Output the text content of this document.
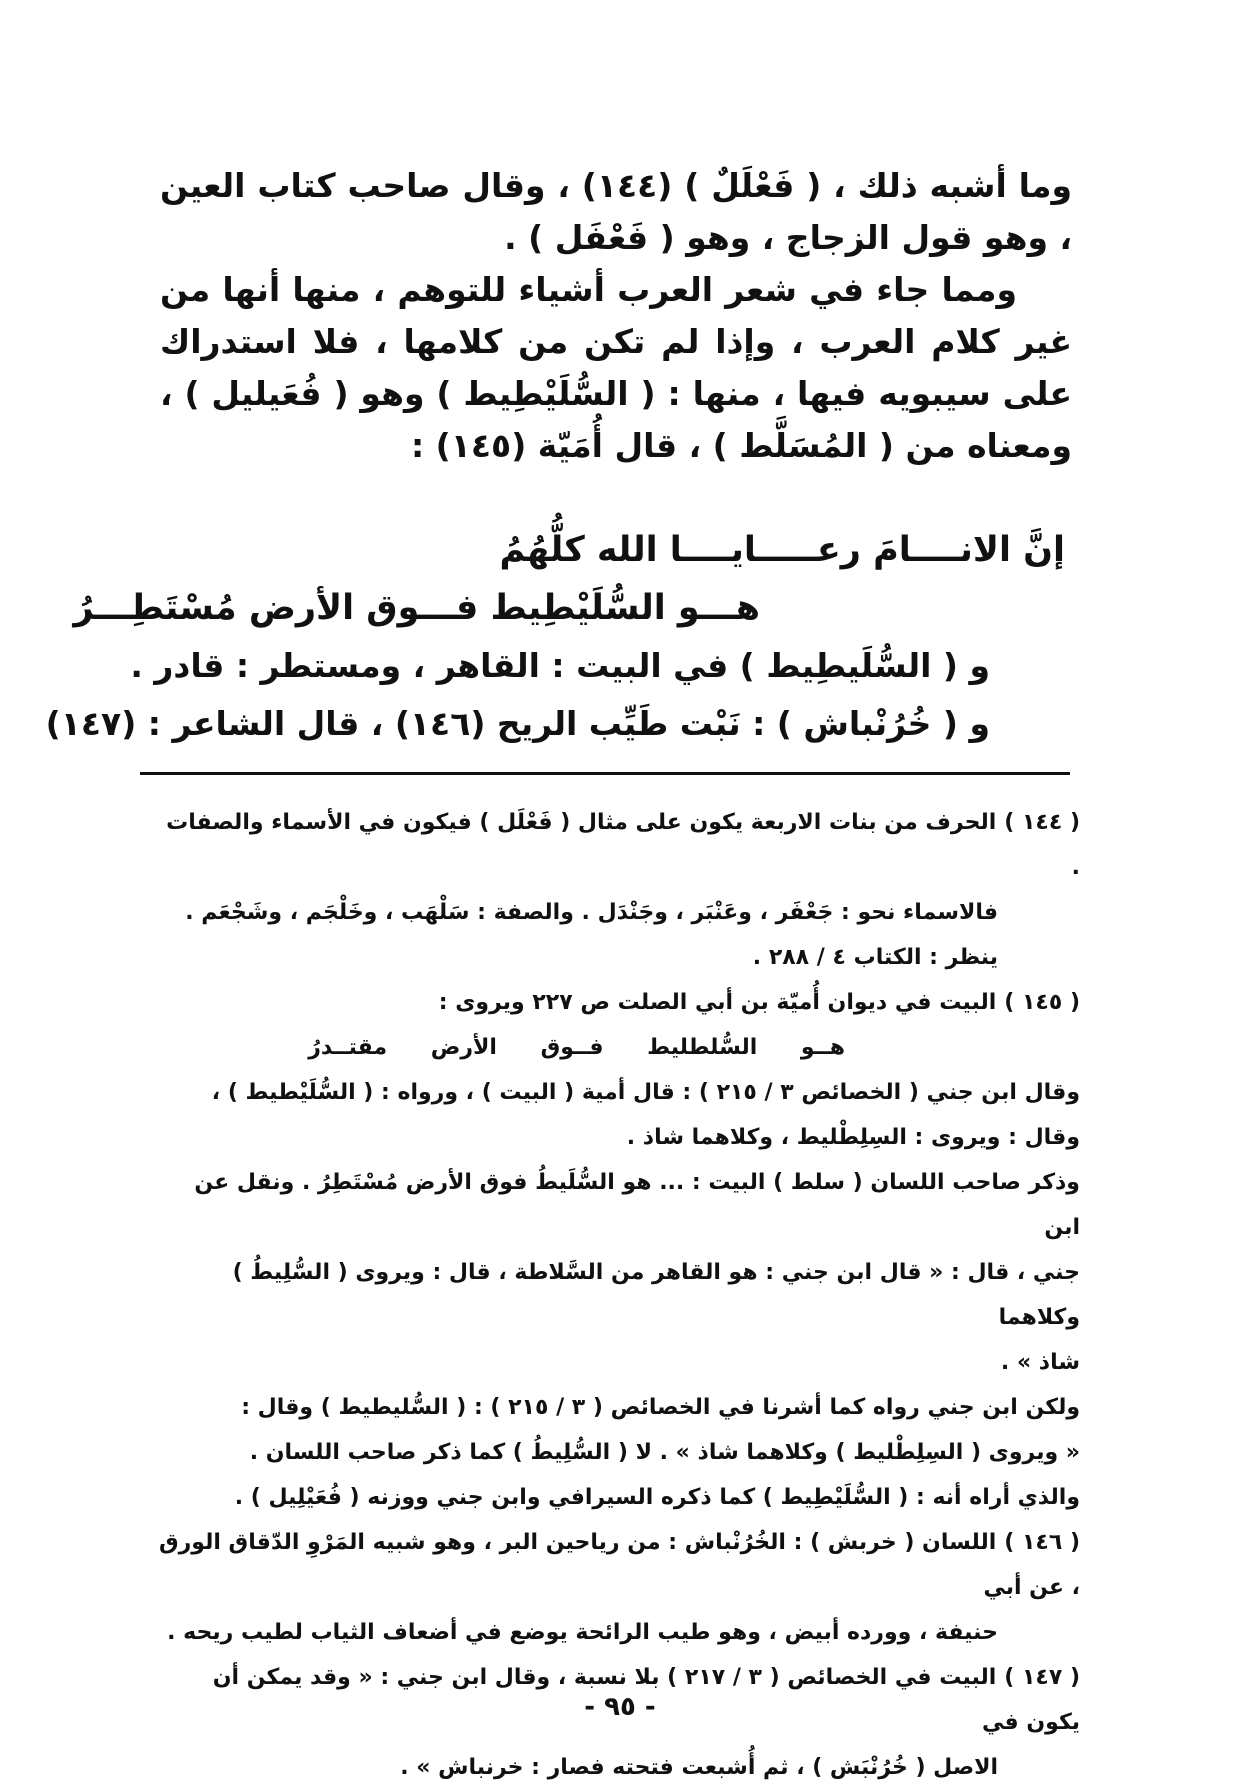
وما أشبه ذلك ، ( فَعْلَلٌ ) (١٤٤) ، وقال صاحب كتاب العين ، وهو قول الزجاج ، وهو ( فَعْفَل ) .

ومما جاء في شعر العرب أشياء للتوهم ، منها أنها من غير كلام العرب ، وإذا لم تكن من كلامها ، فلا استدراك على سيبويه فيها ، منها : ( السُّلَيْطِيط ) وهو ( فُعَيليل ) ، ومعناه من ( المُسَلَّط ) ، قال أُمَيّة (١٤٥) :

إنَّ الانــــامَ رعـــــايــــا الله كلُّهُمُ
هـــو السُّلَيْطِيط فـــوق الأرض مُسْتَطِـــرُ
و ( السُّلَيطِيط ) في البيت : القاهر ، ومستطر : قادر .
و ( خُرُنْباش ) : نَبْت طَيِّب الريح (١٤٦) ، قال الشاعر : (١٤٧)

( ١٤٤ )الحرف من بنات الاربعة يكون على مثال ( فَعْلَل ) فيكون في الأسماء والصفات .

فالاسماء نحو : جَعْفَر ، وعَنْبَر ، وجَنْدَل . والصفة : سَلْهَب ، وخَلْجَم ، وشَجْعَم .

ينظر : الكتاب ٤ / ٢٨٨ .

( ١٤٥ )البيت في ديوان أُميّة بن أبي الصلت ص ٢٢٧ ويروى :

هــو السُّلطليط فــوق الأرض مقتــدرُ

وقال ابن جني ( الخصائص ٣ / ٢١٥ ) : قال أمية ( البيت ) ، ورواه : ( السُّلَيْطيط ) ،

وقال : ويروى : السِلِطْليط ، وكلاهما شاذ .

وذكر صاحب اللسان ( سلط ) البيت : ... هو السُّلَيطُ فوق الأرض مُسْتَطِرُ . ونقل عن ابن

جني ، قال : « قال ابن جني : هو القاهر من السَّلاطة ، قال : ويروى ( السُّلِيطُ ) وكلاهما

شاذ » .

ولكن ابن جني رواه كما أشرنا في الخصائص ( ٣ / ٢١٥ ) : ( السُّليطيط ) وقال :

« ويروى ( السِلِطْليط ) وكلاهما شاذ » . لا ( السُّلِيطُ ) كما ذكر صاحب اللسان .

والذي أراه أنه : ( السُّلَيْطِيط ) كما ذكره السيرافي وابن جني ووزنه ( فُعَيْلِيل ) .

( ١٤٦ )اللسان ( خربش ) : الخُرُنْباش : من رياحين البر ، وهو شبيه المَرْوِ الدّقاق الورق ، عن أبي

حنيفة ، وورده أبيض ، وهو طيب الرائحة يوضع في أضعاف الثياب لطيب ريحه .

( ١٤٧ )البيت في الخصائص ( ٣ / ٢١٧ ) بلا نسبة ، وقال ابن جني : « وقد يمكن أن يكون في

الاصل ( خُرُنْبَش ) ، ثم أُشبعت فتحته فصار : خرنباش » .

- ٩٥ -
